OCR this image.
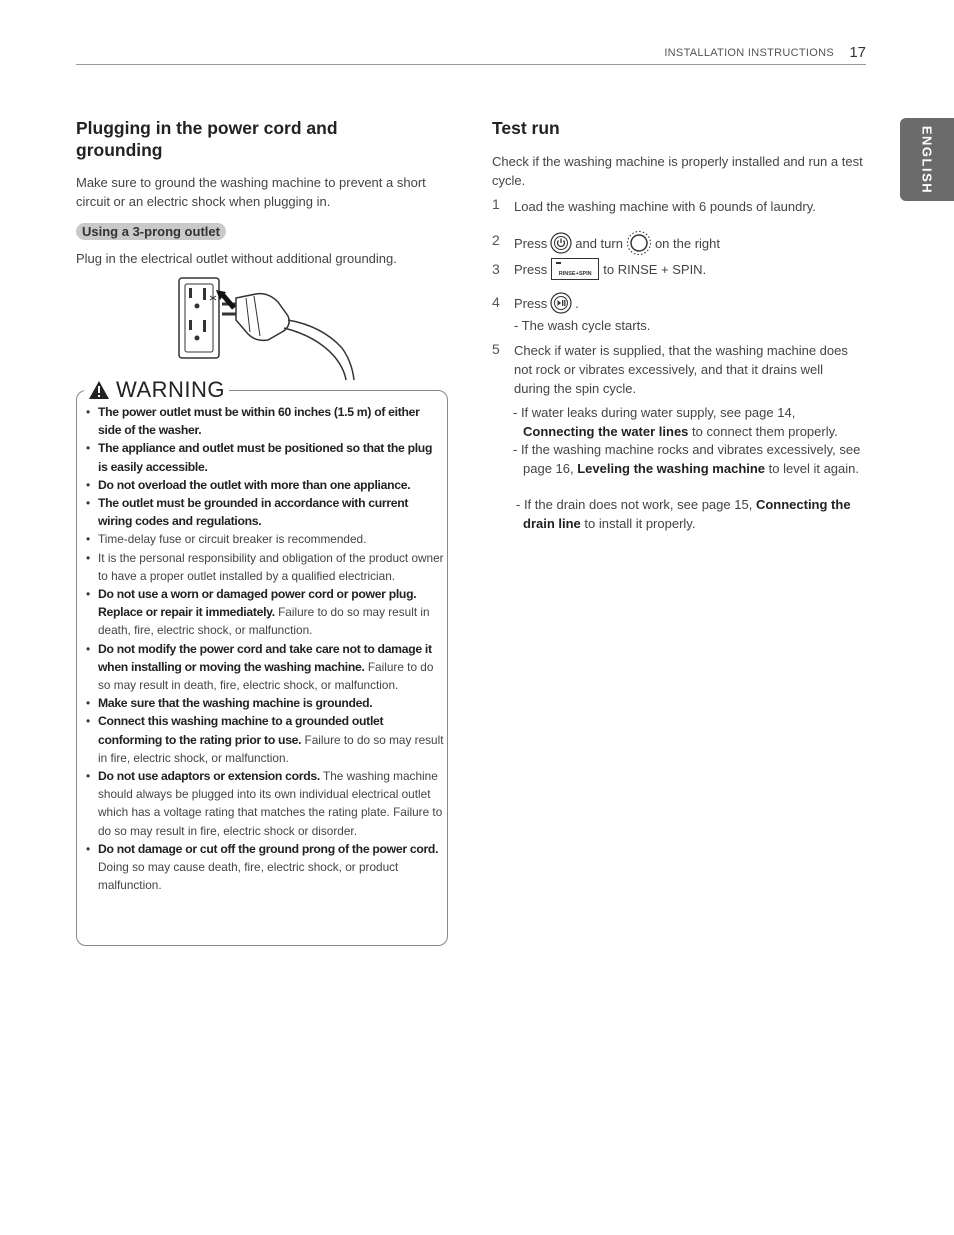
INSTALLATION INSTRUCTIONS 17
ENGLISH
Plugging in the power cord and grounding

Make sure to ground the washing machine to prevent a short circuit or an electric shock when plugging in.

Using a 3-prong outlet

Plug in the electrical outlet without additional grounding.

WARNING
• The power outlet must be within 60 inches (1.5 m) of either side of the washer.
• The appliance and outlet must be positioned so that the plug is easily accessible.
• Do not overload the outlet with more than one appliance.
• The outlet must be grounded in accordance with current wiring codes and regulations.
• Time-delay fuse or circuit breaker is recommended.
• It is the personal responsibility and obligation of the product owner to have a proper outlet installed by a qualified electrician.
• Do not use a worn or damaged power cord or power plug. Replace or repair it immediately. Failure to do so may result in death, fire, electric shock, or malfunction.
• Do not modify the power cord and take care not to damage it when installing or moving the washing machine. Failure to do so may result in death, fire, electric shock, or malfunction.
• Make sure that the washing machine is grounded.
• Connect this washing machine to a grounded outlet conforming to the rating prior to use. Failure to do so may result in fire, electric shock, or malfunction.
• Do not use adaptors or extension cords. The washing machine should always be plugged into its own individual electrical outlet which has a voltage rating that matches the rating plate. Failure to do so may result in fire, electric shock or disorder.
• Do not damage or cut off the ground prong of the power cord. Doing so may cause death, fire, electric shock, or product malfunction.
Test run

Check if the washing machine is properly installed and run a test cycle.

1 Load the washing machine with 6 pounds of laundry.
2 Press and turn on the right
3 Press	RINSE+SPIN to RINSE + SPIN.
4 Press .
- The wash cycle starts.
5 Check if water is supplied, that the washing machine does not rock or vibrates excessively, and that it drains well during the spin cycle.

- If water leaks during water supply, see page 14,
Connecting the water lines to connect them properly.
- If the washing machine rocks and vibrates excessively, see page 16, Leveling the washing machine to level it again.
- If the drain does not work, see page 15, Connecting the drain line to install it properly.
